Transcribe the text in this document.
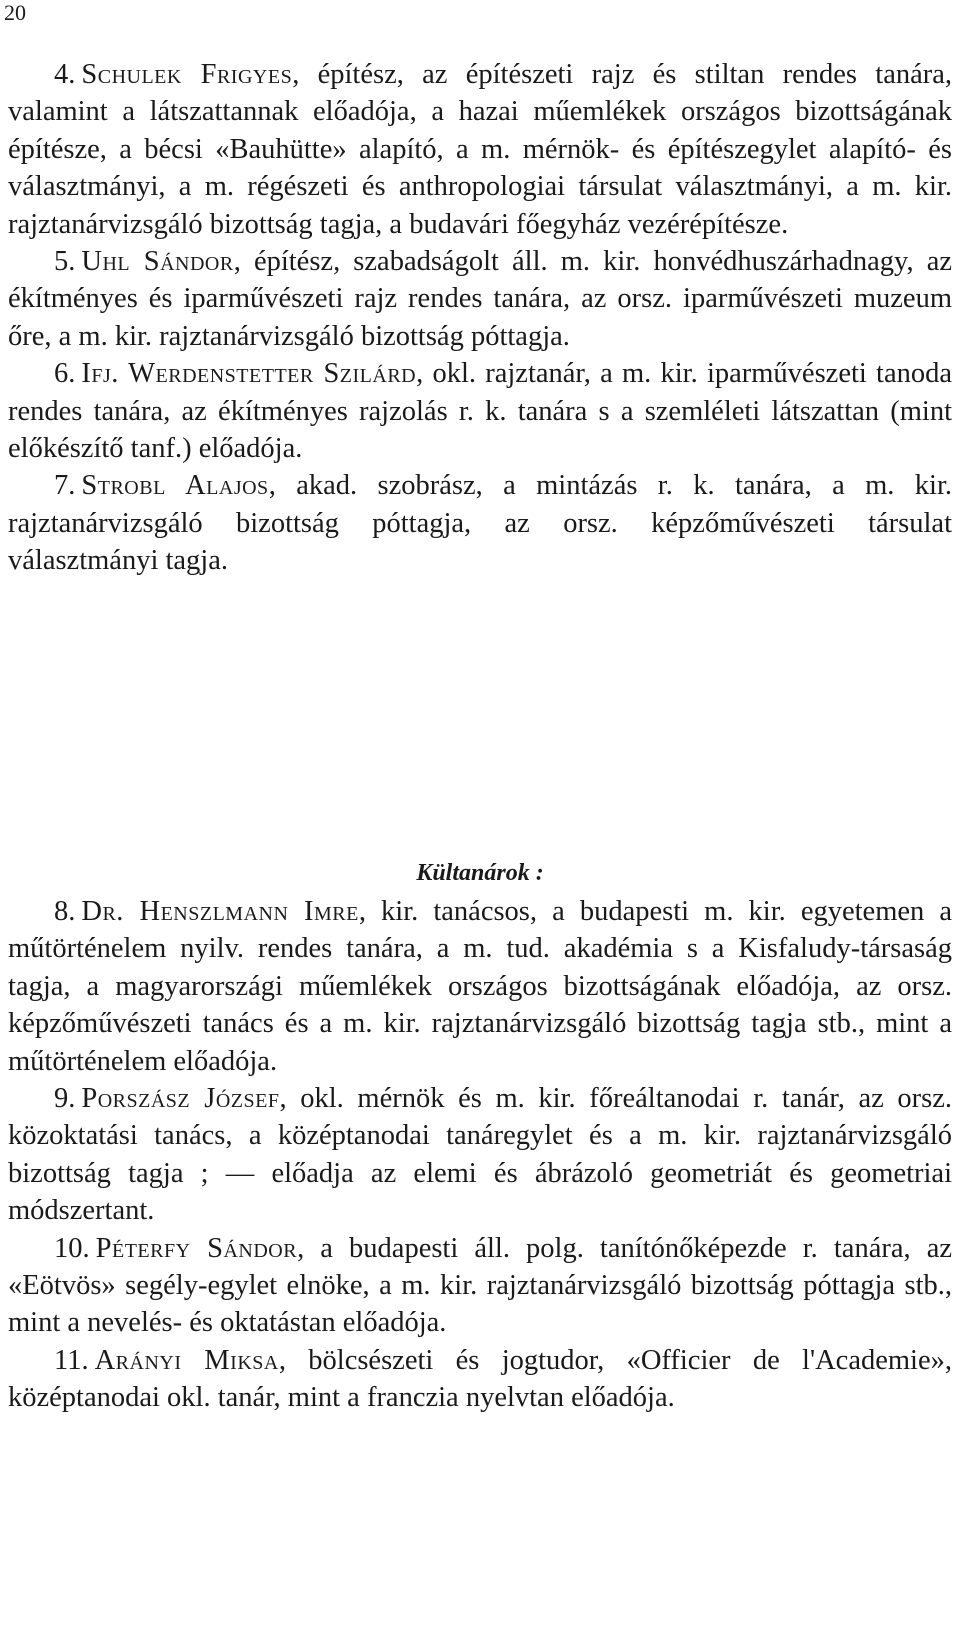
20

4. Schulek Frigyes, építész, az építészeti rajz és stiltan rendes tanára, valamint a látszattannak előadója, a hazai műemlékek országos bizottságának építésze, a bécsi «Bauhütte» alapító, a m. mérnök- és építészegylet alapító- és választmányi, a m. régészeti és anthropologiai társulat választmányi, a m. kir. rajztanárvizsgáló bizottság tagja, a budavári főegyház vezérépítésze.

5. Uhl Sándor, építész, szabadságolt áll. m. kir. honvédhuszárhadnagy, az ékítményes és iparművészeti rajz rendes tanára, az orsz. iparművészeti muzeum őre, a m. kir. rajztanárvizsgáló bizottság póttagja.

6. Ifj. Werdenstetter Szilárd, okl. rajztanár, a m. kir. iparművészeti tanoda rendes tanára, az ékítményes rajzolás r. k. tanára s a szemléleti látszattan (mint előkészítő tanf.) előadója.

7. Strobl Alajos, akad. szobrász, a mintázás r. k. tanára, a m. kir. rajztanárvizsgáló bizottság póttagja, az orsz. képzőművészeti társulat választmányi tagja.

Kültanárok :

8. Dr. Henszlmann Imre, kir. tanácsos, a budapesti m. kir. egyetemen a műtörténelem nyilv. rendes tanára, a m. tud. akadémia s a Kisfaludy-társaság tagja, a magyarországi műemlékek országos bizottságának előadója, az orsz. képzőművészeti tanács és a m. kir. rajztanárvizsgáló bizottság tagja stb., mint a műtörténelem előadója.

9. Porszász József, okl. mérnök és m. kir. főreáltanodai r. tanár, az orsz. közoktatási tanács, a középtanodai tanáregylet és a m. kir. rajztanárvizsgáló bizottság tagja ; — előadja az elemi és ábrázoló geometriát és geometriai módszertant.

10. Péterfy Sándor, a budapesti áll. polg. tanítónőképezde r. tanára, az «Eötvös» segély-egylet elnöke, a m. kir. rajztanárvizsgáló bizottság póttagja stb., mint a nevelés- és oktatástan előadója.

11. Arányi Miksa, bölcsészeti és jogtudor, «Officier de l'Academie», középtanodai okl. tanár, mint a franczia nyelvtan előadója.
